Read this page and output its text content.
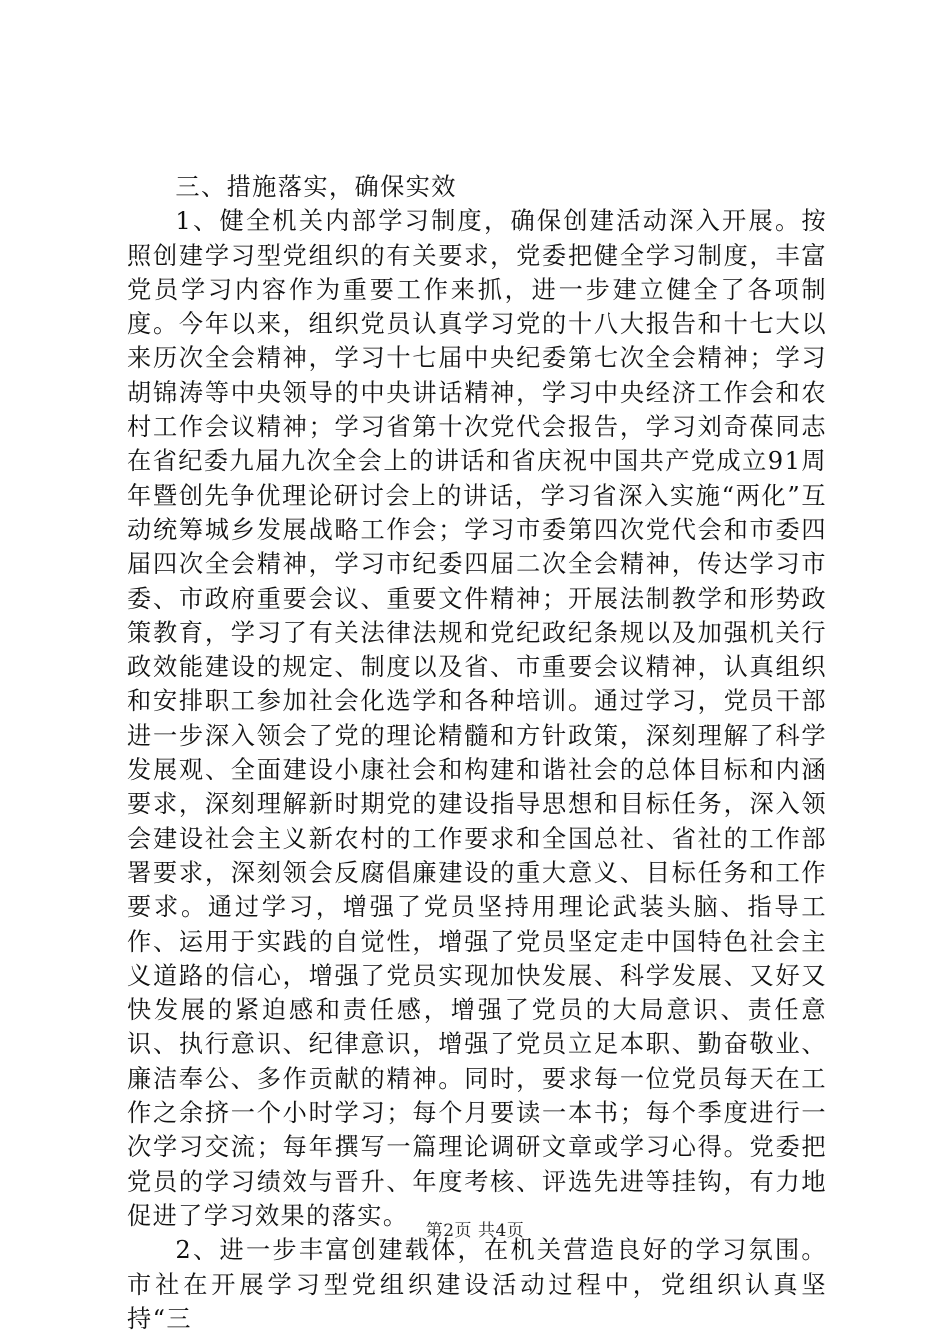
三、措施落实，确保实效

1、健全机关内部学习制度，确保创建活动深入开展。按照创建学习型党组织的有关要求，党委把健全学习制度，丰富党员学习内容作为重要工作来抓，进一步建立健全了各项制度。今年以来，组织党员认真学习党的十八大报告和十七大以来历次全会精神，学习十七届中央纪委第七次全会精神；学习胡锦涛等中央领导的中央讲话精神，学习中央经济工作会和农村工作会议精神；学习省第十次党代会报告，学习刘奇葆同志在省纪委九届九次全会上的讲话和省庆祝中国共产党成立91周年暨创先争优理论研讨会上的讲话，学习省深入实施“两化”互动统筹城乡发展战略工作会；学习市委第四次党代会和市委四届四次全会精神，学习市纪委四届二次全会精神，传达学习市委、市政府重要会议、重要文件精神；开展法制教学和形势政策教育，学习了有关法律法规和党纪政纪条规以及加强机关行政效能建设的规定、制度以及省、市重要会议精神，认真组织和安排职工参加社会化选学和各种培训。通过学习，党员干部进一步深入领会了党的理论精髓和方针政策，深刻理解了科学发展观、全面建设小康社会和构建和谐社会的总体目标和内涵要求，深刻理解新时期党的建设指导思想和目标任务，深入领会建设社会主义新农村的工作要求和全国总社、省社的工作部署要求，深刻领会反腐倡廉建设的重大意义、目标任务和工作要求。通过学习，增强了党员坚持用理论武装头脑、指导工作、运用于实践的自觉性，增强了党员坚定走中国特色社会主义道路的信心，增强了党员实现加快发展、科学发展、又好又快发展的紧迫感和责任感，增强了党员的大局意识、责任意识、执行意识、纪律意识，增强了党员立足本职、勤奋敬业、廉洁奉公、多作贡献的精神。同时，要求每一位党员每天在工作之余挤一个小时学习；每个月要读一本书；每个季度进行一次学习交流；每年撰写一篇理论调研文章或学习心得。党委把党员的学习绩效与晋升、年度考核、评选先进等挂钩，有力地促进了学习效果的落实。

2、进一步丰富创建载体，在机关营造良好的学习氛围。市社在开展学习型党组织建设活动过程中，党组织认真坚持“三

第2页 共4页
